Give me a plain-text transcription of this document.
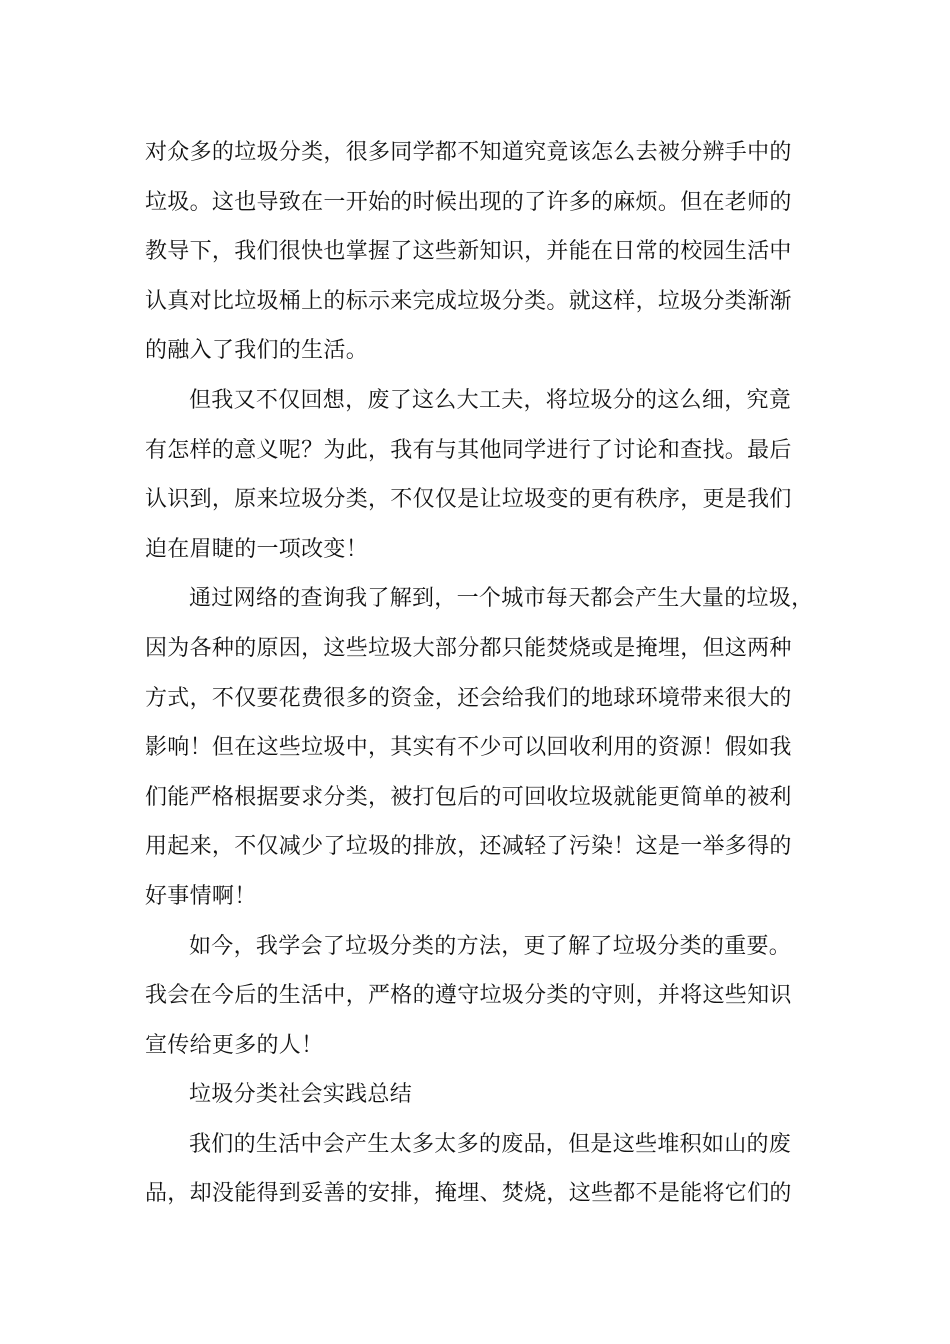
对众多的垃圾分类，很多同学都不知道究竟该怎么去被分辨手中的
垃圾。这也导致在一开始的时候出现的了许多的麻烦。但在老师的
教导下，我们很快也掌握了这些新知识，并能在日常的校园生活中
认真对比垃圾桶上的标示来完成垃圾分类。就这样，垃圾分类渐渐
的融入了我们的生活。
但我又不仅回想，废了这么大工夫，将垃圾分的这么细，究竟
有怎样的意义呢？为此，我有与其他同学进行了讨论和查找。最后
认识到，原来垃圾分类，不仅仅是让垃圾变的更有秩序，更是我们
迫在眉睫的一项改变！
通过网络的查询我了解到，一个城市每天都会产生大量的垃圾，
因为各种的原因，这些垃圾大部分都只能焚烧或是掩埋，但这两种
方式，不仅要花费很多的资金，还会给我们的地球环境带来很大的
影响！但在这些垃圾中，其实有不少可以回收利用的资源！假如我
们能严格根据要求分类，被打包后的可回收垃圾就能更简单的被利
用起来，不仅减少了垃圾的排放，还减轻了污染！这是一举多得的
好事情啊！
如今，我学会了垃圾分类的方法，更了解了垃圾分类的重要。
我会在今后的生活中，严格的遵守垃圾分类的守则，并将这些知识
宣传给更多的人！
垃圾分类社会实践总结
我们的生活中会产生太多太多的废品，但是这些堆积如山的废
品，却没能得到妥善的安排，掩埋、焚烧，这些都不是能将它们的
